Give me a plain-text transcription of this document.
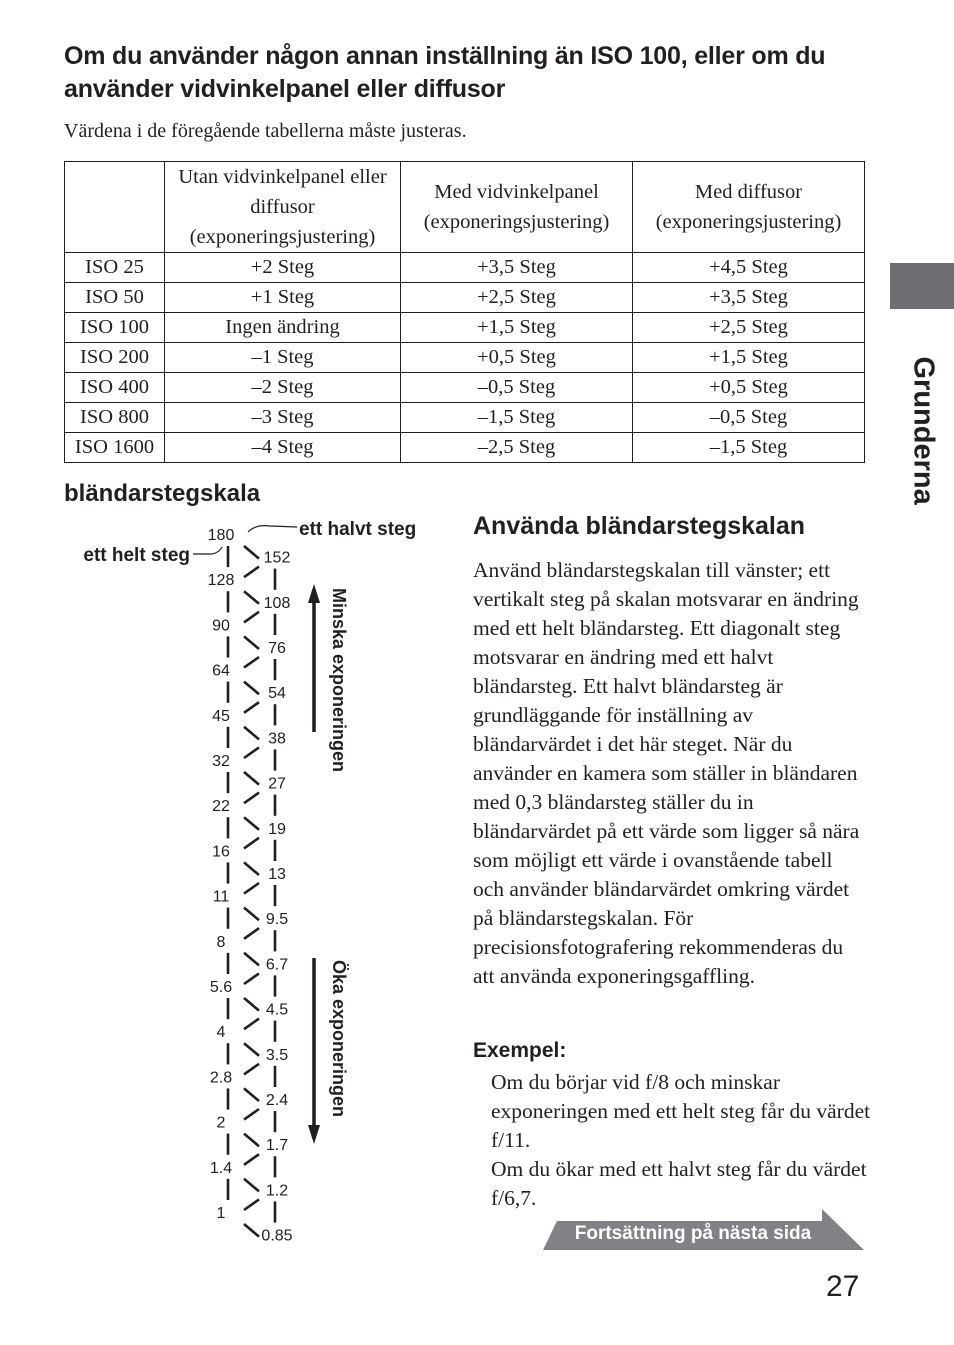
Om du använder någon annan inställning än ISO 100, eller om du använder vidvinkelpanel eller diffusor

Värdena i de föregående tabellerna måste justeras.

	Utan vidvinkelpanel eller diffusor (exponeringsjustering)	Med vidvinkelpanel (exponeringsjustering)	Med diffusor (exponeringsjustering)
ISO 25	+2 Steg	+3,5 Steg	+4,5 Steg
ISO 50	+1 Steg	+2,5 Steg	+3,5 Steg
ISO 100	Ingen ändring	+1,5 Steg	+2,5 Steg
ISO 200	–1 Steg	+0,5 Steg	+1,5 Steg
ISO 400	–2 Steg	–0,5 Steg	+0,5 Steg
ISO 800	–3 Steg	–1,5 Steg	–0,5 Steg
ISO 1600	–4 Steg	–2,5 Steg	–1,5 Steg	Grunderna
bländarstegskala
180
152
128
108
90
76
64
54
45
38
32
27
22
19
16
13
11
9.5
8
6.7
5.6
4.5
4
3.5
2.8
2.4
2
1.7
1.4
1.2
1
0.85
ett helt steg
ett halvt steg
Minska exponeringen
Öka exponeringen
Använda bländarstegskalan

Använd bländarstegskalan till vänster; ett vertikalt steg på skalan motsvarar en ändring med ett helt bländarsteg. Ett diagonalt steg motsvarar en ändring med ett halvt bländarsteg. Ett halvt bländarsteg är grundläggande för inställning av bländarvärdet i det här steget. När du använder en kamera som ställer in bländaren med 0,3 bländarsteg ställer du in bländarvärdet på ett värde som ligger så nära som möjligt ett värde i ovanstående tabell och använder bländarvärdet omkring värdet på bländarstegskalan. För precisionsfotografering rekommenderas du att använda exponeringsgaffling.

Exempel:

Om du börjar vid f/8 och minskar exponeringen med ett helt steg får du värdet f/11.
Om du ökar med ett halvt steg får du värdet f/6,7.
Fortsättning på nästa sida

27
